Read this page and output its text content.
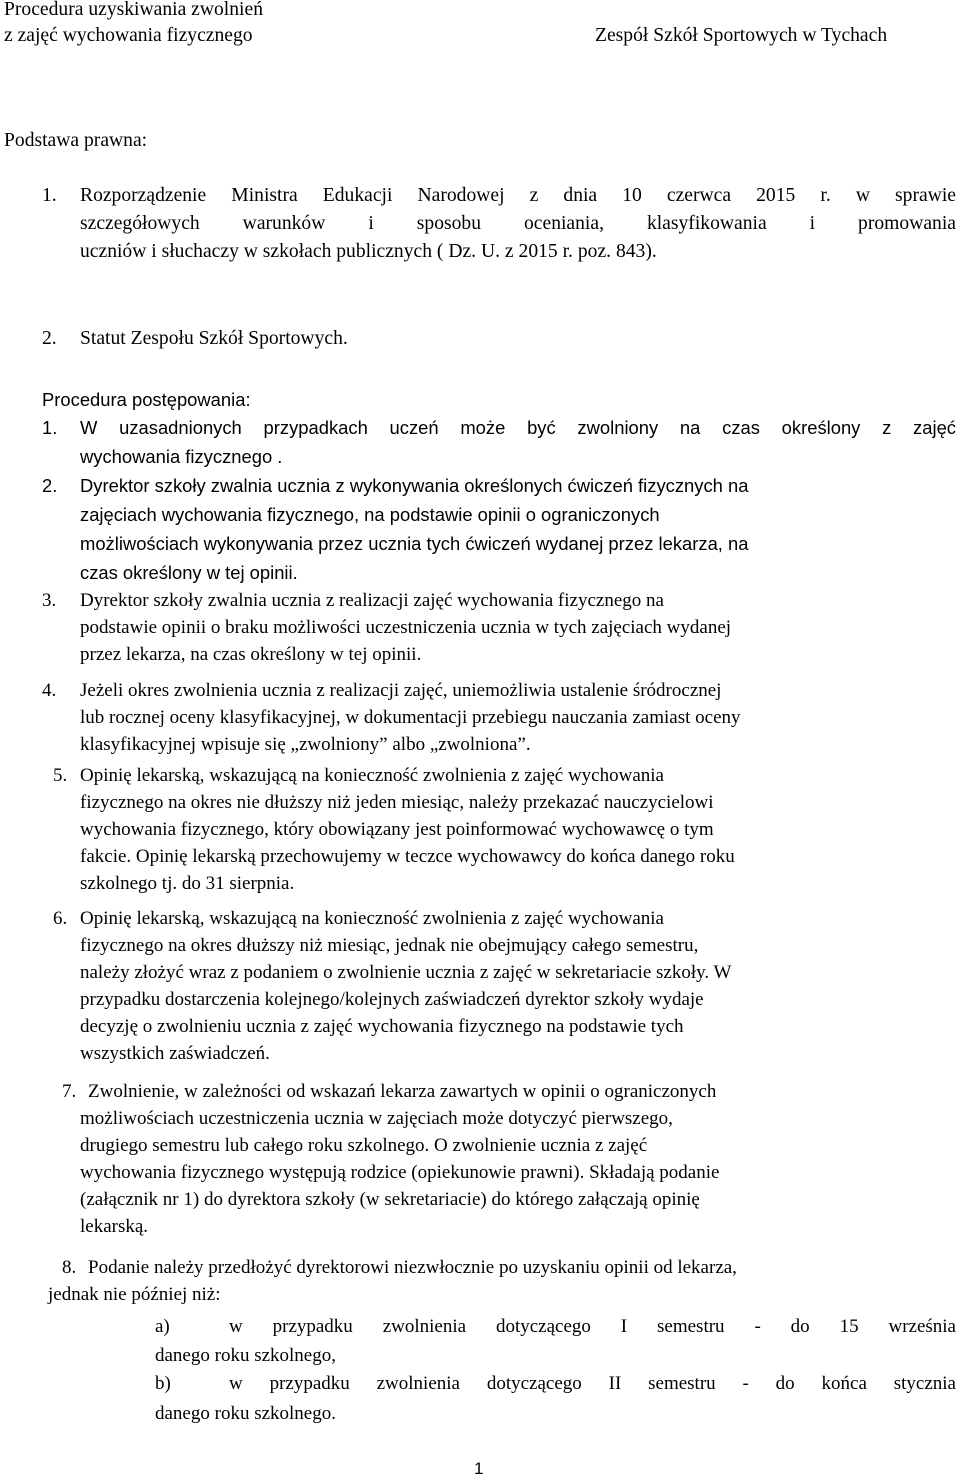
Procedura uzyskiwania zwolnień
z zajęć wychowania fizycznego	Zespół Szkół Sportowych w Tychach
Podstawa prawna:
1. Rozporządzenie Ministra Edukacji Narodowej z dnia 10 czerwca 2015 r. w sprawie
szczegółowych warunków i sposobu oceniania, klasyfikowania i promowania
uczniów i słuchaczy w szkołach publicznych ( Dz. U. z 2015 r. poz. 843).
2. Statut Zespołu Szkół Sportowych.
Procedura postępowania:
1. W uzasadnionych przypadkach uczeń może być zwolniony na czas określony z zajęć
wychowania fizycznego .
2. Dyrektor szkoły zwalnia ucznia z wykonywania określonych ćwiczeń fizycznych na
zajęciach wychowania fizycznego, na podstawie opinii o ograniczonych
możliwościach wykonywania przez ucznia tych ćwiczeń wydanej przez lekarza, na
czas określony w tej opinii.
3. Dyrektor szkoły zwalnia ucznia z realizacji zajęć wychowania fizycznego na
podstawie opinii o braku możliwości uczestniczenia ucznia w tych zajęciach wydanej
przez lekarza, na czas określony w tej opinii.
4. Jeżeli okres zwolnienia ucznia z realizacji zajęć, uniemożliwia ustalenie śródrocznej
lub rocznej oceny klasyfikacyjnej, w dokumentacji przebiegu nauczania zamiast oceny
klasyfikacyjnej wpisuje się „zwolniony” albo „zwolniona”.
5. Opinię lekarską, wskazującą na konieczność zwolnienia z zajęć wychowania
fizycznego na okres nie dłuższy niż jeden miesiąc, należy przekazać nauczycielowi
wychowania fizycznego, który obowiązany jest poinformować wychowawcę o tym
fakcie. Opinię lekarską przechowujemy w teczce wychowawcy do końca danego roku
szkolnego tj. do 31 sierpnia.
6. Opinię lekarską, wskazującą na konieczność zwolnienia z zajęć wychowania
fizycznego na okres dłuższy niż miesiąc, jednak nie obejmujący całego semestru,
należy złożyć wraz z podaniem o zwolnienie ucznia z zajęć w sekretariacie szkoły. W
przypadku dostarczenia kolejnego/kolejnych zaświadczeń dyrektor szkoły wydaje
decyzję o zwolnieniu ucznia z zajęć wychowania fizycznego na podstawie tych
wszystkich zaświadczeń.
7. Zwolnienie, w zależności od wskazań lekarza zawartych w opinii o ograniczonych
możliwościach uczestniczenia ucznia w zajęciach może dotyczyć pierwszego,
drugiego semestru lub całego roku szkolnego. O zwolnienie ucznia z zajęć
wychowania fizycznego występują rodzice (opiekunowie prawni). Składają podanie
(załącznik nr 1) do dyrektora szkoły (w sekretariacie) do którego załączają opinię
lekarską.
8. Podanie należy przedłożyć dyrektorowi niezwłocznie po uzyskaniu opinii od lekarza,
jednak nie później niż:
a)	w przypadku zwolnienia dotyczącego I semestru - do 15 września
danego roku szkolnego,
b)	w przypadku zwolnienia dotyczącego II semestru - do końca stycznia
danego roku szkolnego.
1
